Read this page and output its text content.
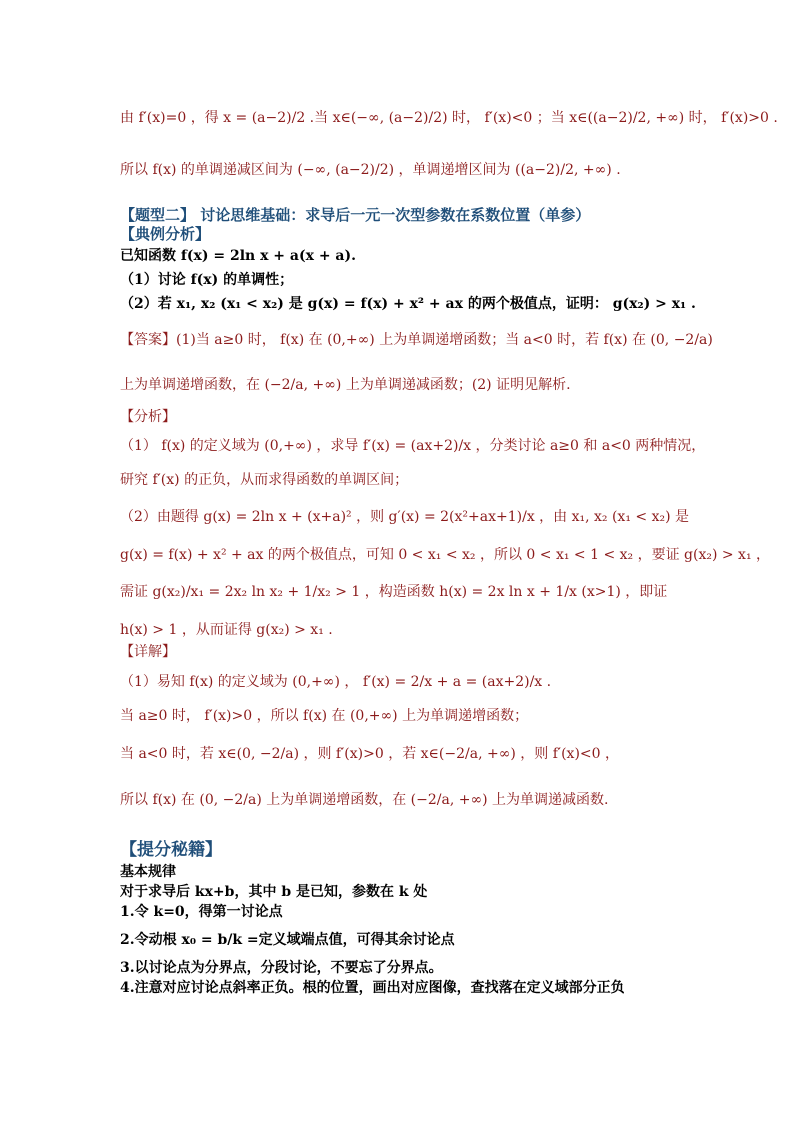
由 f′(x)=0 ，得 x = (a−2)/2 .当 x∈(−∞, (a−2)/2) 时， f′(x)<0 ；当 x∈((a−2)/2, +∞) 时， f′(x)>0 .
所以 f(x) 的单调递减区间为 (−∞, (a−2)/2) ，单调递增区间为 ((a−2)/2, +∞) .
【题型二】 讨论思维基础：求导后一元一次型参数在系数位置（单参）
【典例分析】
已知函数 f(x) = 2ln x + a(x + a).
（1）讨论 f(x) 的单调性；
（2）若 x₁, x₂ (x₁ < x₂) 是 g(x) = f(x) + x² + ax 的两个极值点，证明： g(x₂) > x₁ .
【答案】(1)当 a≥0 时， f(x) 在 (0,+∞) 上为单调递增函数；当 a<0 时，若 f(x) 在 (0, −2/a)
上为单调递增函数，在 (−2/a, +∞) 上为单调递减函数；(2) 证明见解析.
【分析】
（1） f(x) 的定义域为 (0,+∞) ，求导 f′(x) = (ax+2)/x ，分类讨论 a≥0 和 a<0 两种情况，
研究 f′(x) 的正负，从而求得函数的单调区间；
（2）由题得 g(x) = 2ln x + (x+a)² ，则 g′(x) = 2(x²+ax+1)/x ，由 x₁, x₂ (x₁ < x₂) 是
g(x) = f(x) + x² + ax 的两个极值点，可知 0 < x₁ < x₂ ，所以 0 < x₁ < 1 < x₂ ，要证 g(x₂) > x₁ ，
需证 g(x₂)/x₁ = 2x₂ ln x₂ + 1/x₂ > 1 ，构造函数 h(x) = 2x ln x + 1/x (x>1) ，即证
h(x) > 1 ，从而证得 g(x₂) > x₁ .
【详解】
（1）易知 f(x) 的定义域为 (0,+∞) ， f′(x) = 2/x + a = (ax+2)/x .
当 a≥0 时， f′(x)>0 ，所以 f(x) 在 (0,+∞) 上为单调递增函数；
当 a<0 时，若 x∈(0, −2/a) ，则 f′(x)>0 ，若 x∈(−2/a, +∞) ，则 f′(x)<0 ，
所以 f(x) 在 (0, −2/a) 上为单调递增函数，在 (−2/a, +∞) 上为单调递减函数.
【提分秘籍】
基本规律
对于求导后 kx+b，其中 b 是已知，参数在 k 处
1.令 k=0，得第一讨论点
2.令动根 x₀ = b/k =定义域端点值，可得其余讨论点
3.以讨论点为分界点，分段讨论，不要忘了分界点。
4.注意对应讨论点斜率正负。根的位置，画出对应图像，查找落在定义域部分正负
